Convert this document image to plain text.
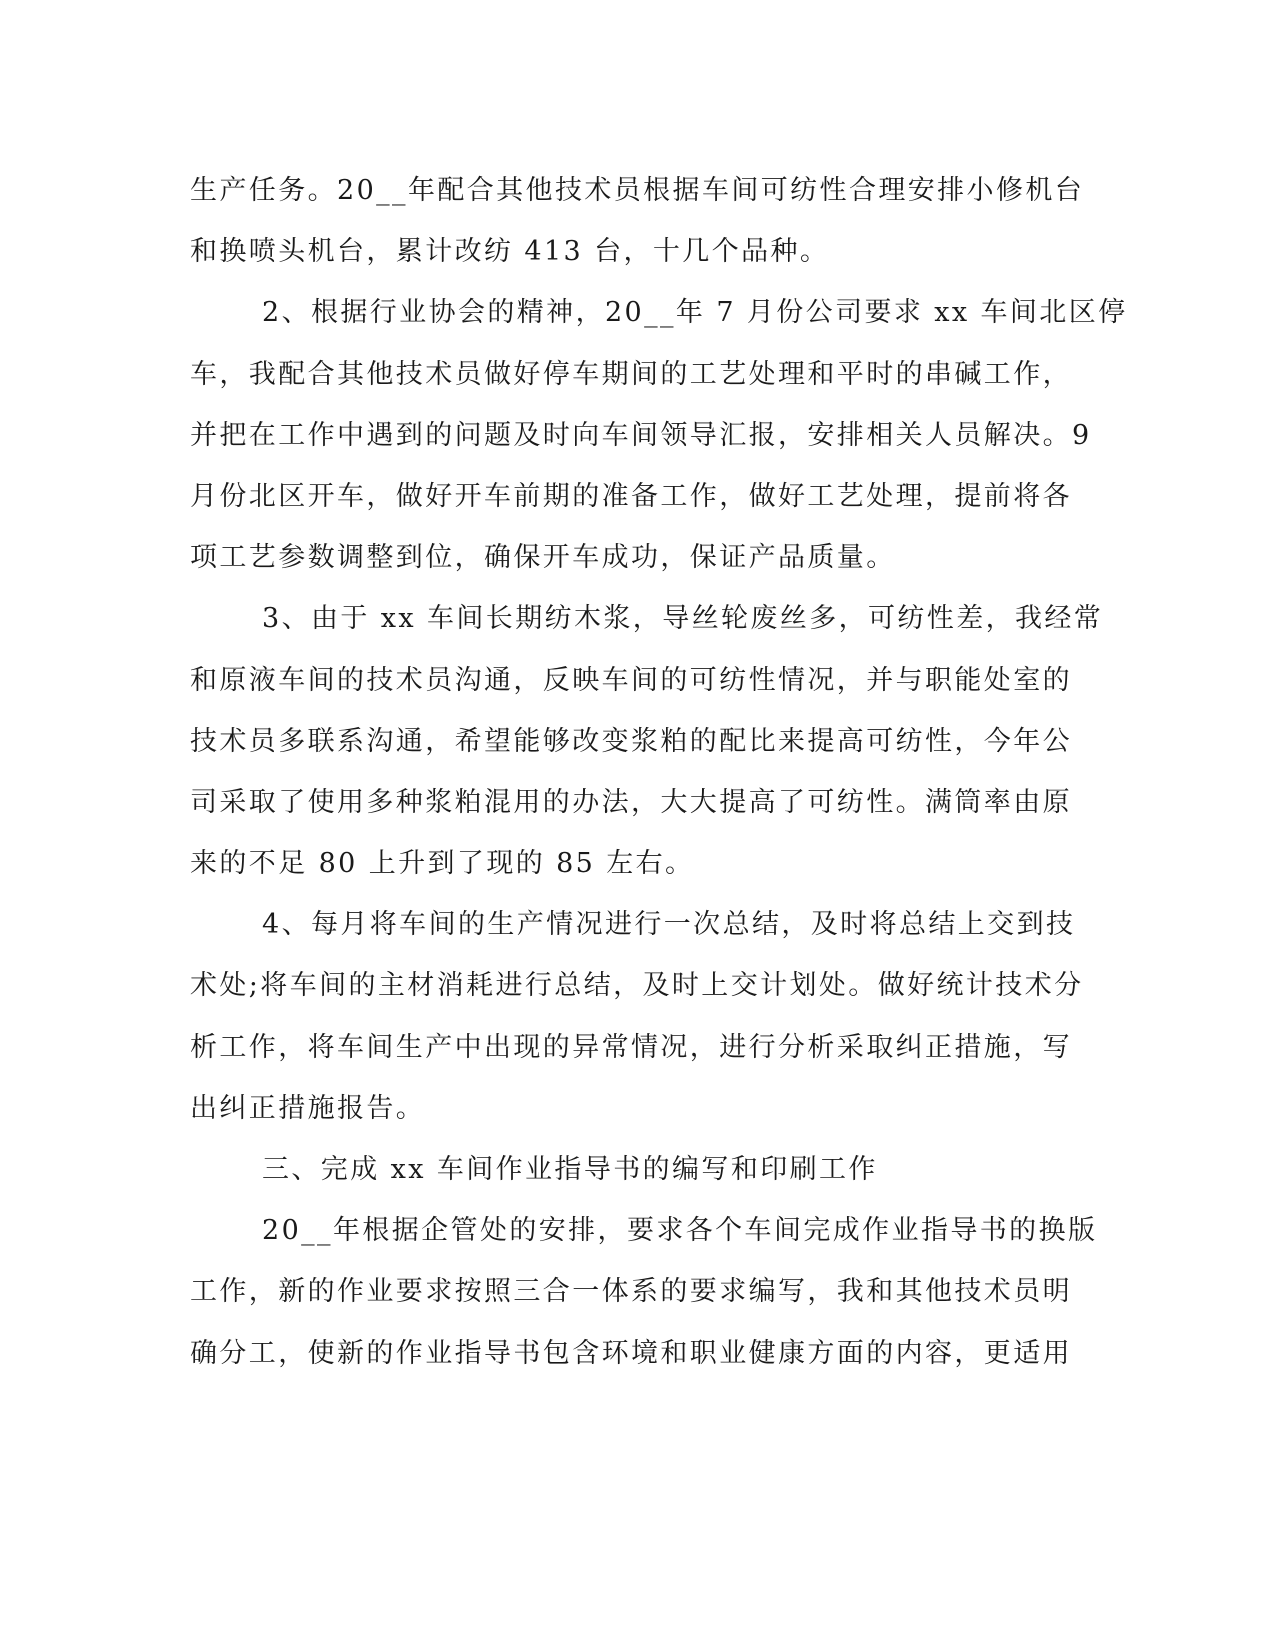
生产任务。20__年配合其他技术员根据车间可纺性合理安排小修机台
和换喷头机台，累计改纺 413 台，十几个品种。
2、根据行业协会的精神，20__年 7 月份公司要求 xx 车间北区停
车，我配合其他技术员做好停车期间的工艺处理和平时的串碱工作，
并把在工作中遇到的问题及时向车间领导汇报，安排相关人员解决。9
月份北区开车，做好开车前期的准备工作，做好工艺处理，提前将各
项工艺参数调整到位，确保开车成功，保证产品质量。
3、由于 xx 车间长期纺木浆，导丝轮废丝多，可纺性差，我经常
和原液车间的技术员沟通，反映车间的可纺性情况，并与职能处室的
技术员多联系沟通，希望能够改变浆粕的配比来提高可纺性，今年公
司采取了使用多种浆粕混用的办法，大大提高了可纺性。满筒率由原
来的不足 80 上升到了现的 85 左右。
4、每月将车间的生产情况进行一次总结，及时将总结上交到技
术处;将车间的主材消耗进行总结，及时上交计划处。做好统计技术分
析工作，将车间生产中出现的异常情况，进行分析采取纠正措施，写
出纠正措施报告。
三、完成 xx 车间作业指导书的编写和印刷工作
20__年根据企管处的安排，要求各个车间完成作业指导书的换版
工作，新的作业要求按照三合一体系的要求编写，我和其他技术员明
确分工，使新的作业指导书包含环境和职业健康方面的内容，更适用
